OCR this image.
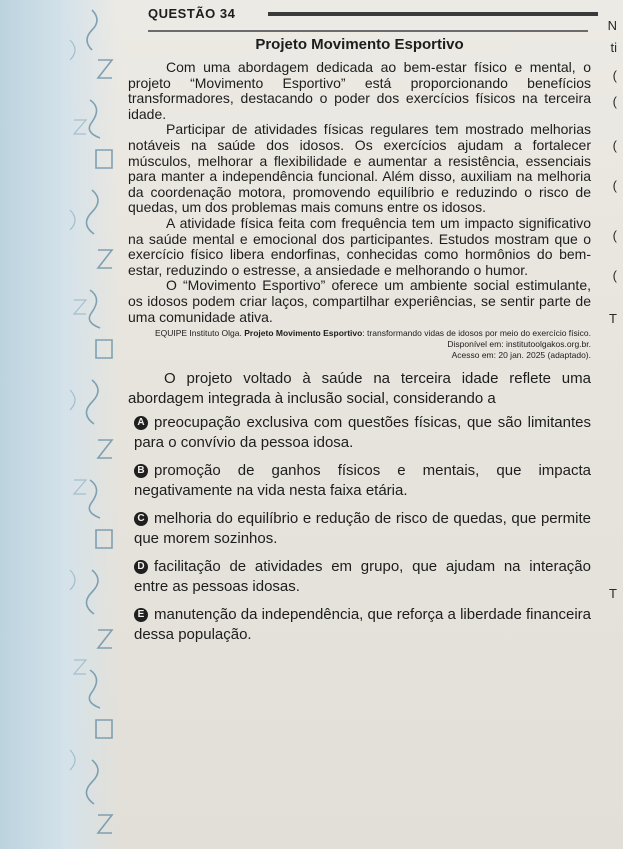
N
ti
(
(
(
(
(
(
T
T
QUESTÃO 34
Projeto Movimento Esportivo

Com uma abordagem dedicada ao bem-estar físico e mental, o projeto “Movimento Esportivo” está proporcionando benefícios transformadores, destacando o poder dos exercícios físicos na terceira idade.

Participar de atividades físicas regulares tem mostrado melhorias notáveis na saúde dos idosos. Os exercícios ajudam a fortalecer músculos, melhorar a flexibilidade e aumentar a resistência, essenciais para manter a independência funcional. Além disso, auxiliam na melhoria da coordenação motora, promovendo equilíbrio e reduzindo o risco de quedas, um dos problemas mais comuns entre os idosos.

A atividade física feita com frequência tem um impacto significativo na saúde mental e emocional dos participantes. Estudos mostram que o exercício físico libera endorfinas, conhecidas como hormônios do bem-estar, reduzindo o estresse, a ansiedade e melhorando o humor.

O “Movimento Esportivo” oferece um ambiente social estimulante, os idosos podem criar laços, compartilhar experiências, se sentir parte de uma comunidade ativa.

EQUIPE Instituto Olga. Projeto Movimento Esportivo: transformando vidas de idosos por meio do exercício físico. Disponível em: institutoolgakos.org.br.
Acesso em: 20 jan. 2025 (adaptado).

O projeto voltado à saúde na terceira idade reflete uma abordagem integrada à inclusão social, considerando a

A preocupação exclusiva com questões físicas, que são limitantes para o convívio da pessoa idosa.
B promoção de ganhos físicos e mentais, que impacta negativamente na vida nesta faixa etária.
C melhoria do equilíbrio e redução de risco de quedas, que permite que morem sozinhos.
D facilitação de atividades em grupo, que ajudam na interação entre as pessoas idosas.
E manutenção da independência, que reforça a liberdade financeira dessa população.
